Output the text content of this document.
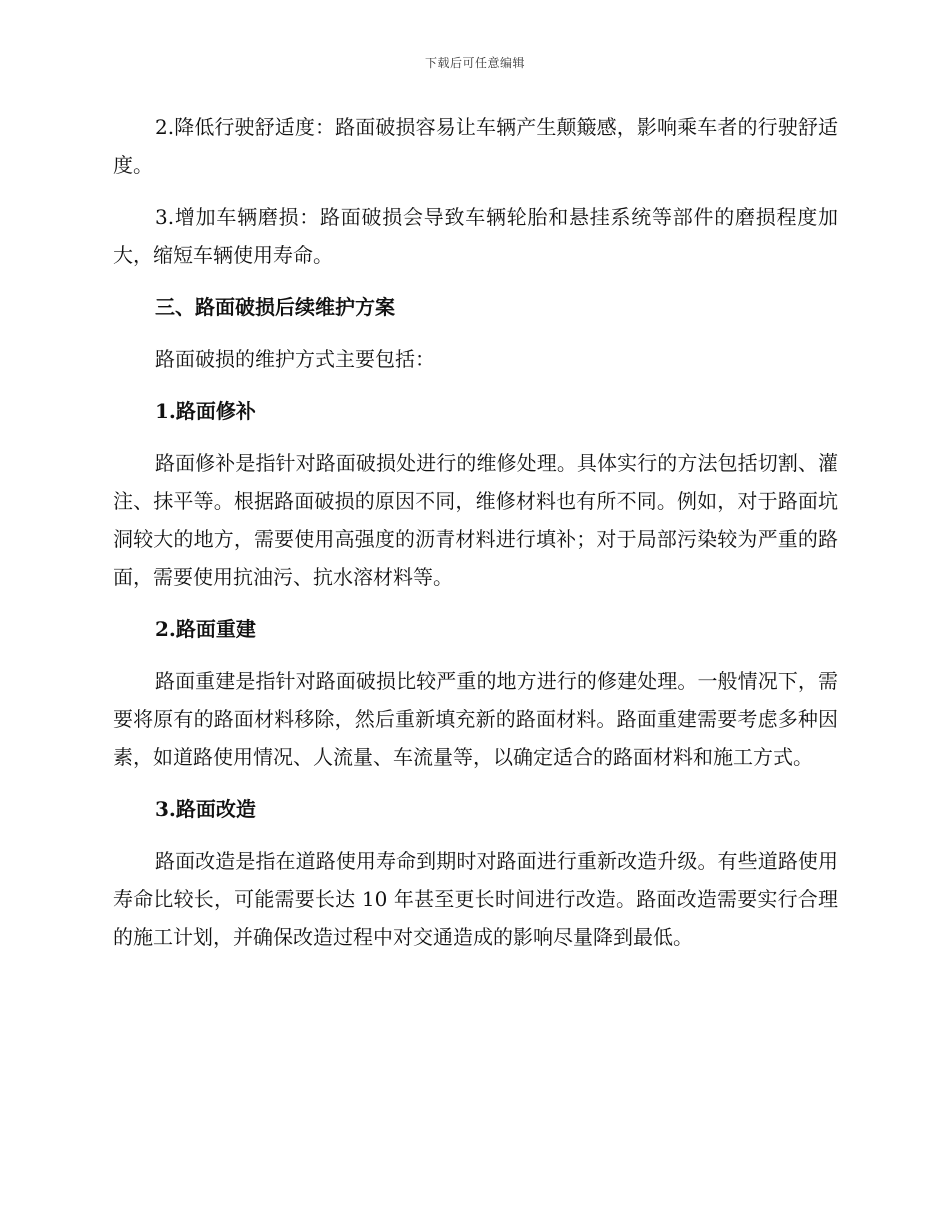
下载后可任意编辑

2.降低行驶舒适度：路面破损容易让车辆产生颠簸感，影响乘车者的行驶舒适度。

3.增加车辆磨损：路面破损会导致车辆轮胎和悬挂系统等部件的磨损程度加大，缩短车辆使用寿命。

三、路面破损后续维护方案

路面破损的维护方式主要包括：

1.路面修补

路面修补是指针对路面破损处进行的维修处理。具体实行的方法包括切割、灌注、抹平等。根据路面破损的原因不同，维修材料也有所不同。例如，对于路面坑洞较大的地方，需要使用高强度的沥青材料进行填补；对于局部污染较为严重的路面，需要使用抗油污、抗水溶材料等。

2.路面重建

路面重建是指针对路面破损比较严重的地方进行的修建处理。一般情况下，需要将原有的路面材料移除，然后重新填充新的路面材料。路面重建需要考虑多种因素，如道路使用情况、人流量、车流量等，以确定适合的路面材料和施工方式。

3.路面改造

路面改造是指在道路使用寿命到期时对路面进行重新改造升级。有些道路使用寿命比较长，可能需要长达 10 年甚至更长时间进行改造。路面改造需要实行合理的施工计划，并确保改造过程中对交通造成的影响尽量降到最低。
